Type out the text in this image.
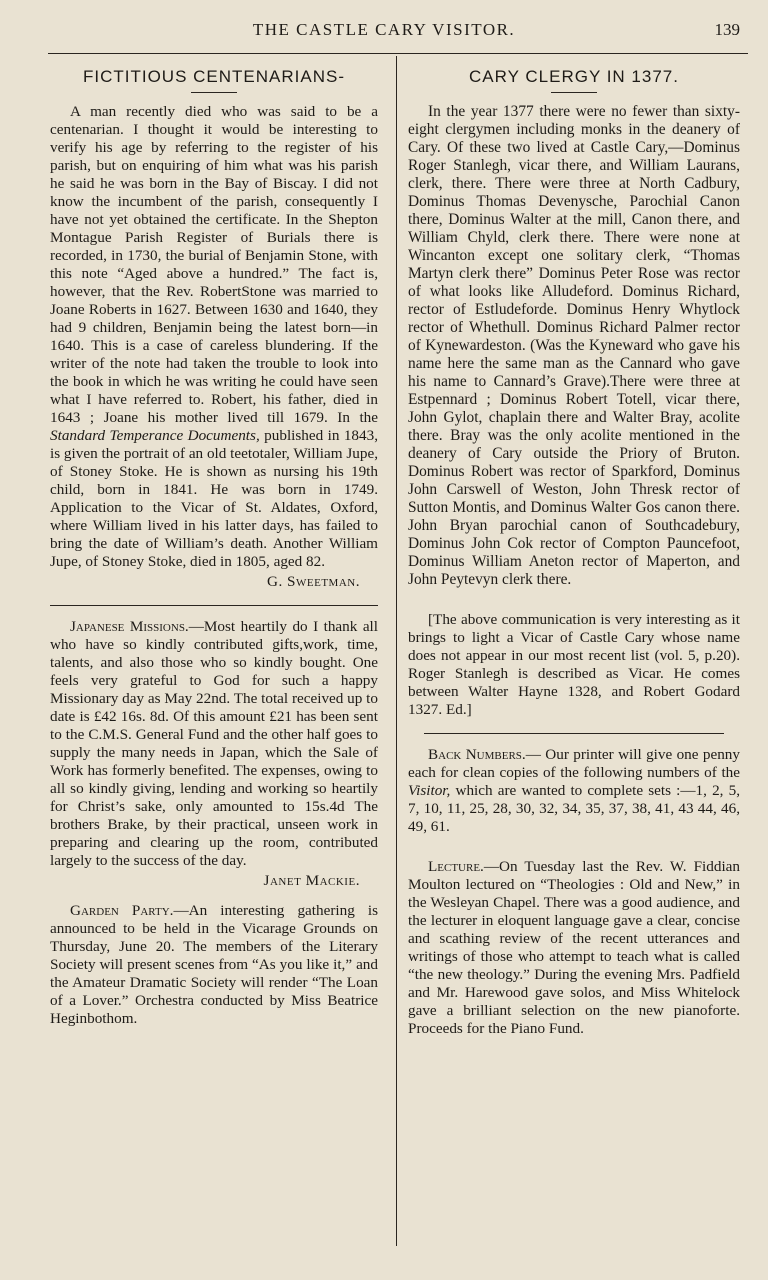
THE CASTLE CARY VISITOR.	139
FICTITIOUS CENTENARIANS-

A man recently died who was said to be a centenarian. I thought it would be interesting to verify his age by referring to the register of his parish, but on enquiring of him what was his parish he said he was born in the Bay of Biscay. I did not know the incumbent of the parish, consequently I have not yet obtained the certificate. In the Shepton Montague Parish Register of Burials there is recorded, in 1730, the burial of Benjamin Stone, with this note “Aged above a hundred.” The fact is, however, that the Rev. RobertStone was married to Joane Roberts in 1627. Between 1630 and 1640, they had 9 children, Benjamin being the latest born—in 1640. This is a case of careless blundering. If the writer of the note had taken the trouble to look into the book in which he was writing he could have seen what I have referred to. Robert, his father, died in 1643 ; Joane his mother lived till 1679. In the Standard Temperance Documents, published in 1843, is given the portrait of an old teetotaler, William Jupe, of Stoney Stoke. He is shown as nursing his 19th child, born in 1841. He was born in 1749. Application to the Vicar of St. Aldates, Oxford, where William lived in his latter days, has failed to bring the date of William’s death. Another William Jupe, of Stoney Stoke, died in 1805, aged 82.

G. Sweetman.

Japanese Missions.—Most heartily do I thank all who have so kindly contributed gifts,work, time, talents, and also those who so kindly bought. One feels very grateful to God for such a happy Missionary day as May 22nd. The total received up to date is £42 16s. 8d. Of this amount £21 has been sent to the C.M.S. General Fund and the other half goes to supply the many needs in Japan, which the Sale of Work has formerly benefited. The expenses, owing to all so kindly giving, lending and working so heartily for Christ’s sake, only amounted to 15s.4d The brothers Brake, by their practical, unseen work in preparing and clearing up the room, contributed largely to the success of the day.

Janet Mackie.

Garden Party.—An interesting gathering is announced to be held in the Vicarage Grounds on Thursday, June 20. The members of the Literary Society will present scenes from “As you like it,” and the Amateur Dramatic Society will render “The Loan of a Lover.” Orchestra conducted by Miss Beatrice Heginbothom.

CARY CLERGY IN 1377.

In the year 1377 there were no fewer than sixty-eight clergymen including monks in the deanery of Cary. Of these two lived at Castle Cary,—Dominus Roger Stanlegh, vicar there, and William Laurans, clerk, there. There were three at North Cadbury, Dominus Thomas Devenysche, Parochial Canon there, Dominus Walter at the mill, Canon there, and William Chyld, clerk there. There were none at Wincanton except one solitary clerk, “Thomas Martyn clerk there” Dominus Peter Rose was rector of what looks like Alludeford. Dominus Richard, rector of Estludeforde. Dominus Henry Whytlock rector of Whethull. Dominus Richard Palmer rector of Kynewardeston. (Was the Kyneward who gave his name here the same man as the Cannard who gave his name to Cannard’s Grave).There were three at Estpennard ; Dominus Robert Totell, vicar there, John Gylot, chaplain there and Walter Bray, acolite there. Bray was the only acolite mentioned in the deanery of Cary outside the Priory of Bruton. Dominus Robert was rector of Sparkford, Dominus John Carswell of Weston, John Thresk rector of Sutton Montis, and Dominus Walter Gos canon there. John Bryan parochial canon of Southcadebury, Dominus John Cok rector of Compton Pauncefoot, Dominus William Aneton rector of Maperton, and John Peytevyn clerk there.

[The above communication is very interesting as it brings to light a Vicar of Castle Cary whose name does not appear in our most recent list (vol. 5, p.20). Roger Stanlegh is described as Vicar. He comes between Walter Hayne 1328, and Robert Godard 1327. Ed.]

Back Numbers.— Our printer will give one penny each for clean copies of the following numbers of the Visitor, which are wanted to complete sets :—1, 2, 5, 7, 10, 11, 25, 28, 30, 32, 34, 35, 37, 38, 41, 43 44, 46, 49, 61.

Lecture.—On Tuesday last the Rev. W. Fiddian Moulton lectured on “Theologies : Old and New,” in the Wesleyan Chapel. There was a good audience, and the lecturer in eloquent language gave a clear, concise and scathing review of the recent utterances and writings of those who attempt to teach what is called “the new theology.” During the evening Mrs. Padfield and Mr. Harewood gave solos, and Miss Whitelock gave a brilliant selection on the new pianoforte. Proceeds for the Piano Fund.
